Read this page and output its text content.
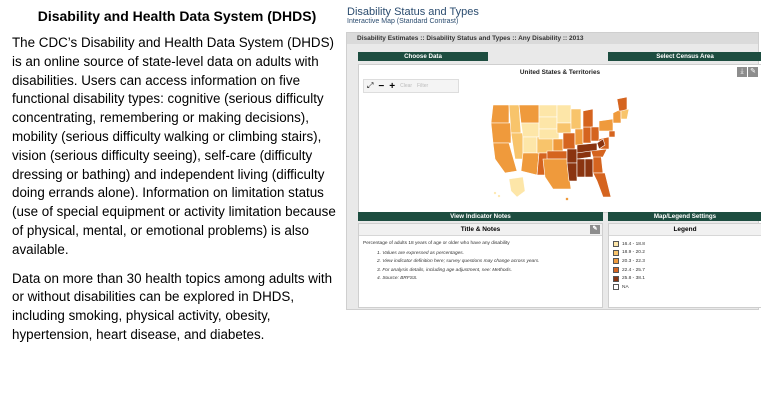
Disability and Health Data System (DHDS)

The CDC’s Disability and Health Data System (DHDS) is an online source of state-level data on adults with disabilities. Users can access information on five functional disability types: cognitive (serious difficulty concentrating, remembering or making decisions), mobility (serious difficulty walking or climbing stairs), vision (serious difficulty seeing), self-care (difficulty dressing or bathing) and independent living (difficulty doing errands alone). Information on limitation status (use of special equipment or activity limitation because of physical, mental, or emotional problems) is also available.

Data on more than 30 health topics among adults with or without disabilities can be explored in DHDS, including smoking, physical activity, obesity, hypertension, heart disease, and diabetes.

Disability Status and Types
Interactive Map (Standard Contrast)
Disability Estimates :: Disability Status and Types :: Any Disability :: 2013
Choose Data	Select Census Area
United States & Territories	⤓ ✎
⤢ − + Clear Filter
View Indicator Notes	Map/Legend Settings
Title & Notes	✎
Percentage of adults 18 years of age or older who have any disability
1. Values are expressed as percentages.
2. View indicator definition here; survey questions may change across years.
3. For analysis details, including age adjustment, see: Methods.
4. Source: BRFSS.
Legend
16.4 - 18.8
18.9 - 20.2
20.3 - 22.3
22.4 - 25.7
25.8 - 38.1
NA
